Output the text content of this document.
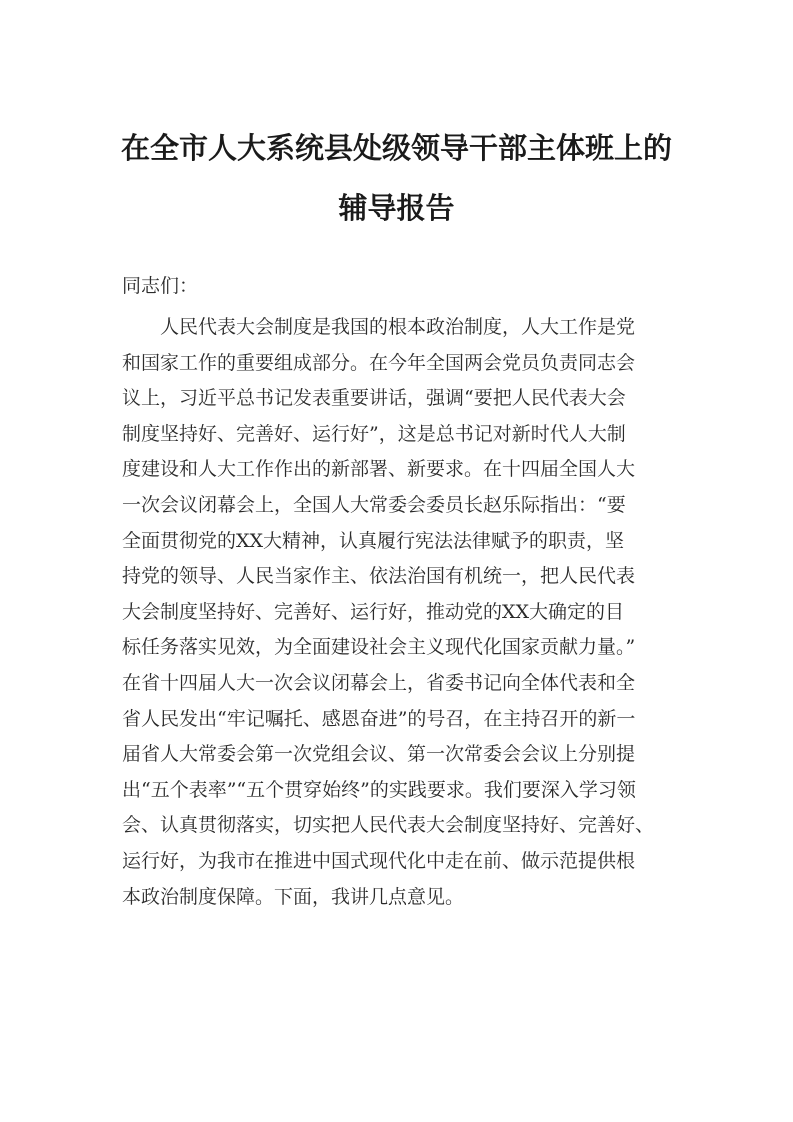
在全市人大系统县处级领导干部主体班上的
辅导报告
同志们：
人民代表大会制度是我国的根本政治制度，人大工作是党
和国家工作的重要组成部分。在今年全国两会党员负责同志会
议上，习近平总书记发表重要讲话，强调“要把人民代表大会
制度坚持好、完善好、运行好”，这是总书记对新时代人大制
度建设和人大工作作出的新部署、新要求。在十四届全国人大
一次会议闭幕会上，全国人大常委会委员长赵乐际指出：“要
全面贯彻党的XX大精神，认真履行宪法法律赋予的职责，坚
持党的领导、人民当家作主、依法治国有机统一，把人民代表
大会制度坚持好、完善好、运行好，推动党的XX大确定的目
标任务落实见效，为全面建设社会主义现代化国家贡献力量。”
在省十四届人大一次会议闭幕会上，省委书记向全体代表和全
省人民发出“牢记嘱托、感恩奋进”的号召，在主持召开的新一
届省人大常委会第一次党组会议、第一次常委会会议上分别提
出“五个表率”“五个贯穿始终”的实践要求。我们要深入学习领
会、认真贯彻落实，切实把人民代表大会制度坚持好、完善好、
运行好，为我市在推进中国式现代化中走在前、做示范提供根
本政治制度保障。下面，我讲几点意见。
